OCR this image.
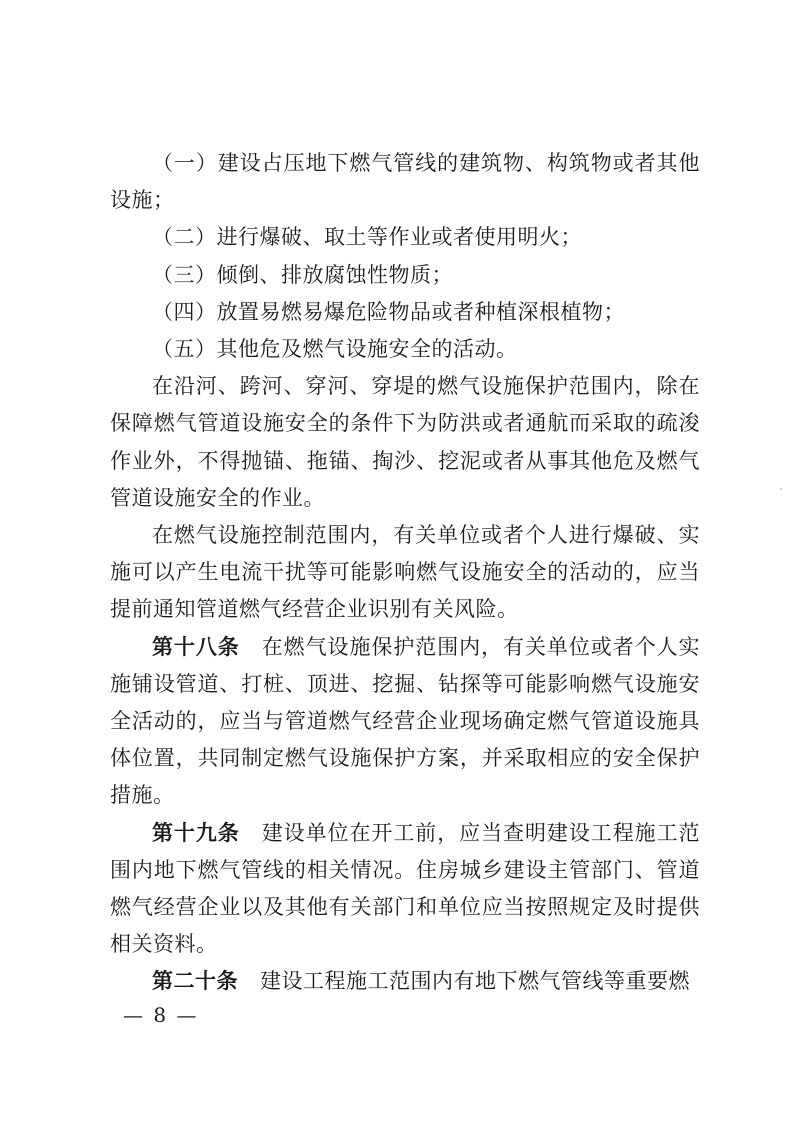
（一）建设占压地下燃气管线的建筑物、构筑物或者其他设施；

（二）进行爆破、取土等作业或者使用明火；

（三）倾倒、排放腐蚀性物质；

（四）放置易燃易爆危险物品或者种植深根植物；

（五）其他危及燃气设施安全的活动。

在沿河、跨河、穿河、穿堤的燃气设施保护范围内，除在保障燃气管道设施安全的条件下为防洪或者通航而采取的疏浚作业外，不得抛锚、拖锚、掏沙、挖泥或者从事其他危及燃气管道设施安全的作业。

在燃气设施控制范围内，有关单位或者个人进行爆破、实施可以产生电流干扰等可能影响燃气设施安全的活动的，应当提前通知管道燃气经营企业识别有关风险。

第十八条 在燃气设施保护范围内，有关单位或者个人实施铺设管道、打桩、顶进、挖掘、钻探等可能影响燃气设施安全活动的，应当与管道燃气经营企业现场确定燃气管道设施具体位置，共同制定燃气设施保护方案，并采取相应的安全保护措施。

第十九条 建设单位在开工前，应当查明建设工程施工范围内地下燃气管线的相关情况。住房城乡建设主管部门、管道燃气经营企业以及其他有关部门和单位应当按照规定及时提供相关资料。

第二十条 建设工程施工范围内有地下燃气管线等重要燃

— 8 —
